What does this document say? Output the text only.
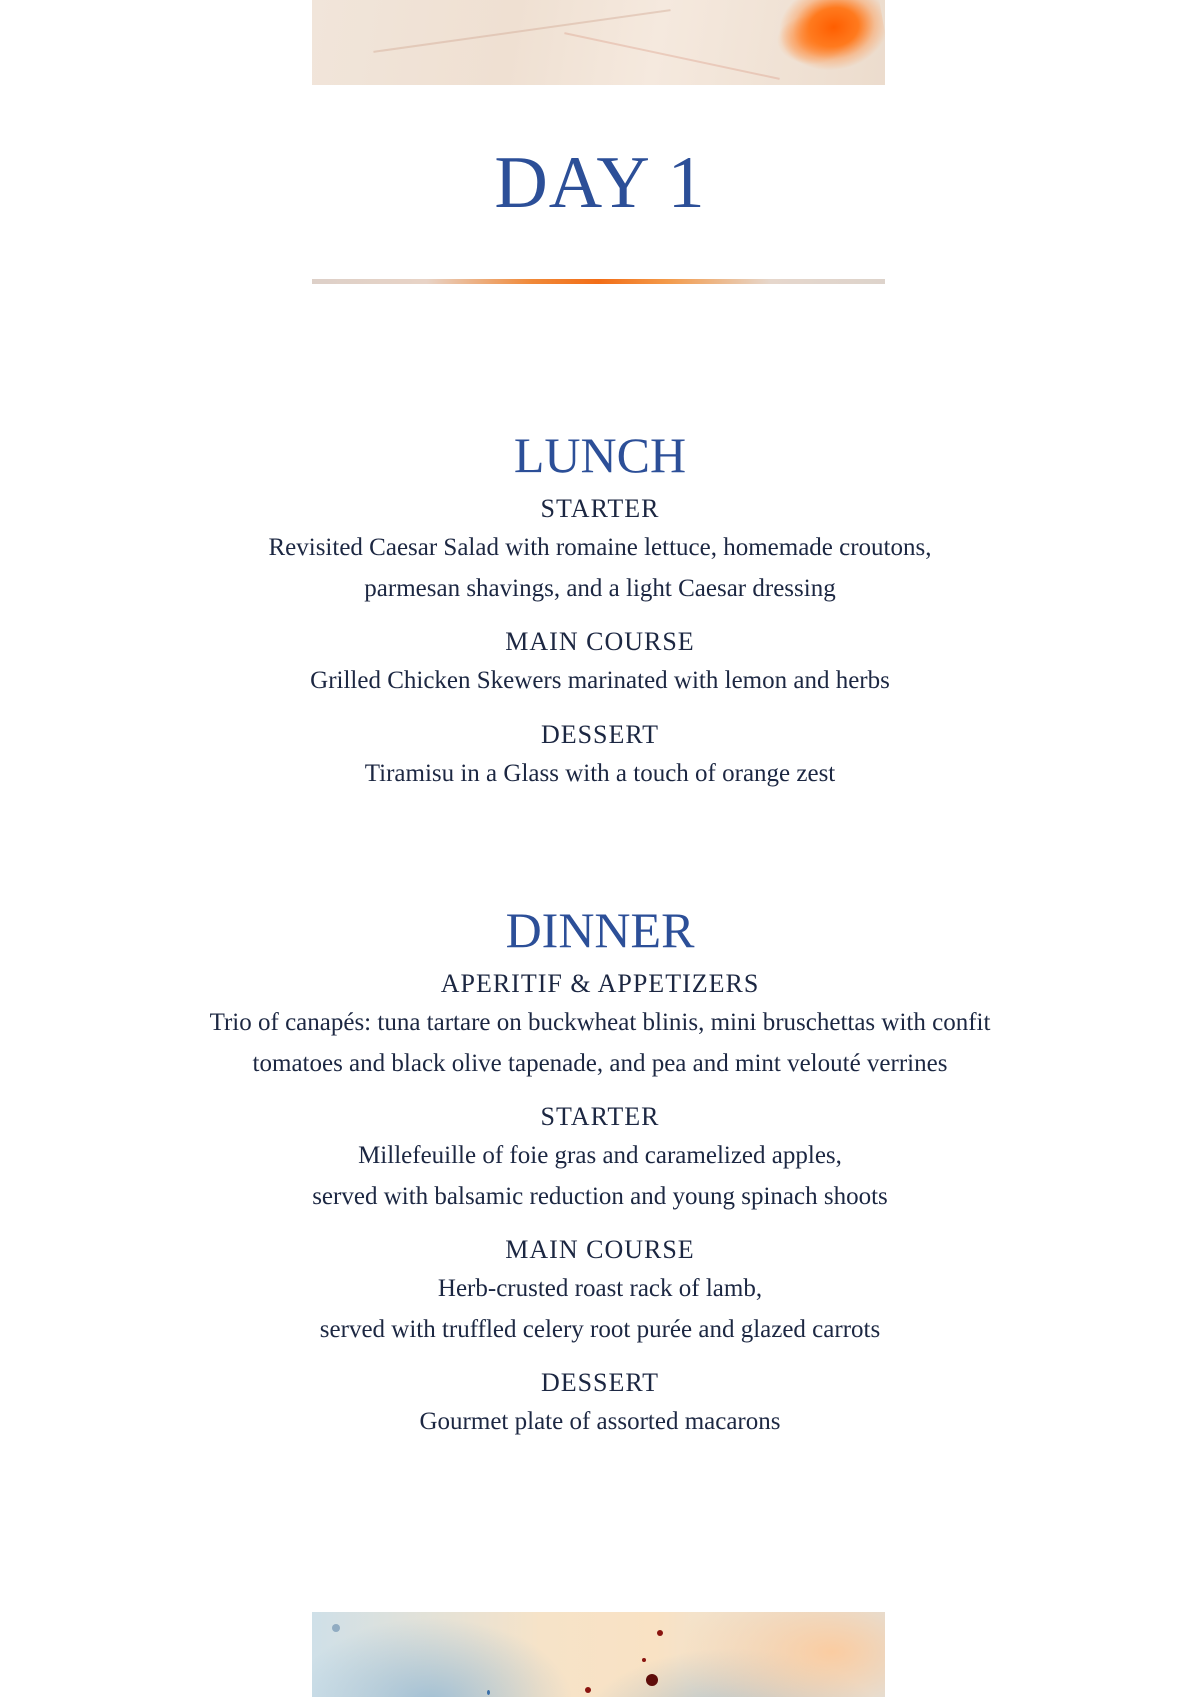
DAY 1
LUNCH
STARTER

Revisited Caesar Salad with romaine lettuce, homemade croutons,
parmesan shavings, and a light Caesar dressing

MAIN COURSE

Grilled Chicken Skewers marinated with lemon and herbs

DESSERT

Tiramisu in a Glass with a touch of orange zest

DINNER
APERITIF & APPETIZERS

Trio of canapés: tuna tartare on buckwheat blinis, mini bruschettas with confit
tomatoes and black olive tapenade, and pea and mint velouté verrines

STARTER

Millefeuille of foie gras and caramelized apples,
served with balsamic reduction and young spinach shoots

MAIN COURSE

Herb-crusted roast rack of lamb,
served with truffled celery root purée and glazed carrots

DESSERT

Gourmet plate of assorted macarons
